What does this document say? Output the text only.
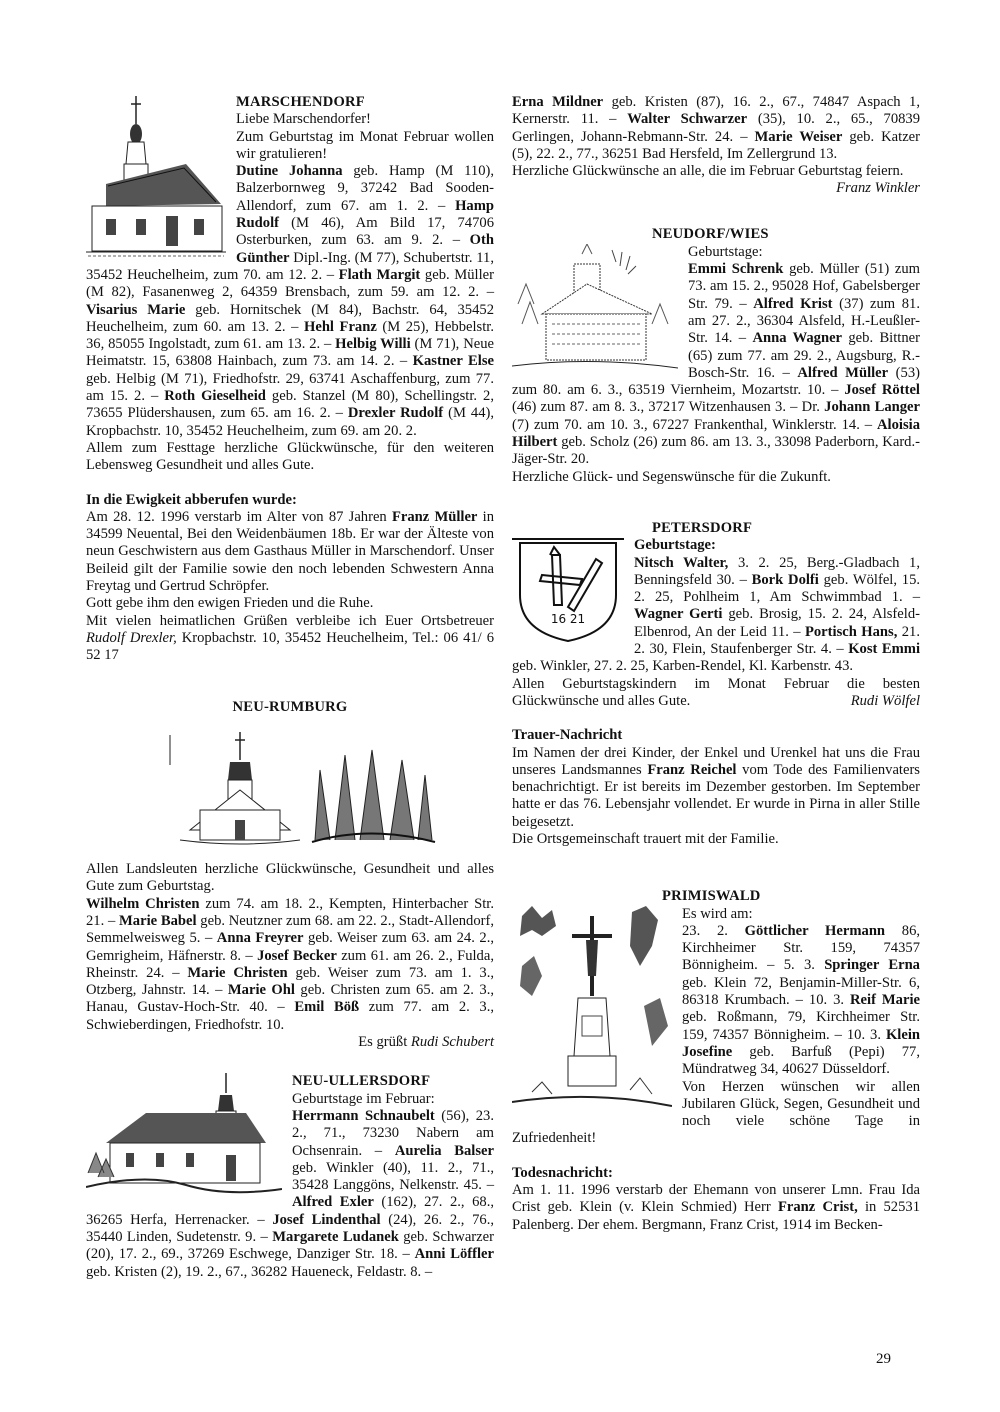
MARSCHENDORF

Liebe Marschendorfer!

Zum Geburtstag im Monat Februar wollen wir gratulieren!

Dutine Johanna geb. Hamp (M 110), Balzerbornweg 9, 37242 Bad Sooden-Allendorf, zum 67. am 1. 2. – Hamp Rudolf (M 46), Am Bild 17, 74706 Osterburken, zum 63. am 9. 2. – Oth Günther Dipl.-Ing. (M 77), Schubertstr. 11, 35452 Heuchelheim, zum 70. am 12. 2. – Flath Margit geb. Müller (M 82), Fasanenweg 2, 64359 Brensbach, zum 59. am 12. 2. – Visarius Marie geb. Hornitschek (M 84), Bachstr. 64, 35452 Heuchelheim, zum 60. am 13. 2. – Hehl Franz (M 25), Hebbelstr. 36, 85055 Ingolstadt, zum 61. am 13. 2. – Helbig Willi (M 71), Neue Heimatstr. 15, 63808 Hainbach, zum 73. am 14. 2. – Kastner Else geb. Helbig (M 71), Friedhofstr. 29, 63741 Aschaffenburg, zum 77. am 15. 2. – Roth Gieselheid geb. Stanzel (M 80), Schellingstr. 2, 73655 Plüdershausen, zum 65. am 16. 2. – Drexler Rudolf (M 44), Kropbachstr. 10, 35452 Heuchelheim, zum 69. am 20. 2.

Allem zum Festtage herzliche Glückwünsche, für den weiteren Lebensweg Gesundheit und alles Gute.

In die Ewigkeit abberufen wurde:

Am 28. 12. 1996 verstarb im Alter von 87 Jahren Franz Müller in 34599 Neuental, Bei den Weidenbäumen 18b. Er war der Älteste von neun Geschwistern aus dem Gasthaus Müller in Marschendorf. Unser Beileid gilt der Familie sowie den noch lebenden Schwestern Anna Freytag und Gertrud Schröpfer.

Gott gebe ihm den ewigen Frieden und die Ruhe.

Mit vielen heimatlichen Grüßen verbleibe ich Euer Ortsbetreuer Rudolf Drexler, Kropbachstr. 10, 35452 Heuchelheim, Tel.: 06 41/ 6 52 17

NEU-RUMBURG

Allen Landsleuten herzliche Glückwünsche, Gesundheit und alles Gute zum Geburtstag.

Wilhelm Christen zum 74. am 18. 2., Kempten, Hinterbacher Str. 21. – Marie Babel geb. Neutzner zum 68. am 22. 2., Stadt-Allendorf, Semmelweisweg 5. – Anna Freyrer geb. Weiser zum 63. am 24. 2., Gemrigheim, Häfnerstr. 8. – Josef Becker zum 61. am 26. 2., Fulda, Rheinstr. 24. – Marie Christen geb. Weiser zum 73. am 1. 3., Otzberg, Jahnstr. 14. – Marie Ohl geb. Christen zum 65. am 2. 3., Hanau, Gustav-Hoch-Str. 40. – Emil Böß zum 77. am 2. 3., Schwieberdingen, Friedhofstr. 10.

Es grüßt Rudi Schubert

NEU-ULLERSDORF

Geburtstage im Februar:

Herrmann Schnaubelt (56), 23. 2., 71., 73230 Nabern am Ochsenrain. – Aurelia Balser geb. Winkler (40), 11. 2., 71., 35428 Langgöns, Nelkenstr. 45. – Alfred Exler (162), 27. 2., 68., 36265 Herfa, Herrenacker. – Josef Lindenthal (24), 26. 2., 76., 35440 Linden, Sudetenstr. 9. – Margarete Ludanek geb. Schwarzer (20), 17. 2., 69., 37269 Eschwege, Danziger Str. 18. – Anni Löffler geb. Kristen (2), 19. 2., 67., 36282 Haueneck, Feldastr. 8. –

Erna Mildner geb. Kristen (87), 16. 2., 67., 74847 Aspach 1, Kernerstr. 11. – Walter Schwarzer (35), 10. 2., 65., 70839 Gerlingen, Johann-Rebmann-Str. 24. – Marie Weiser geb. Katzer (5), 22. 2., 77., 36251 Bad Hersfeld, Im Zellergrund 13.

Herzliche Glückwünsche an alle, die im Februar Geburtstag feiern.
Franz Winkler

NEUDORF/WIES

Geburtstage:

Emmi Schrenk geb. Müller (51) zum 73. am 15. 2., 95028 Hof, Gabelsberger Str. 79. – Alfred Krist (37) zum 81. am 27. 2., 36304 Alsfeld, H.-Leußler-Str. 14. – Anna Wagner geb. Bittner (65) zum 77. am 29. 2., Augsburg, R.-Bosch-Str. 16. – Alfred Müller (53) zum 80. am 6. 3., 63519 Viernheim, Mozartstr. 10. – Josef Röttel (46) zum 87. am 8. 3., 37217 Witzenhausen 3. – Dr. Johann Langer (7) zum 70. am 10. 3., 67227 Frankenthal, Winklerstr. 14. – Aloisia Hilbert geb. Scholz (26) zum 86. am 13. 3., 33098 Paderborn, Kard.-Jäger-Str. 20.

Herzliche Glück- und Segenswünsche für die Zukunft.

PETERSDORF
16 21

Geburtstage:

Nitsch Walter, 3. 2. 25, Berg.-Gladbach 1, Benningsfeld 30. – Bork Dolfi geb. Wölfel, 15. 2. 25, Pohlheim 1, Am Schwimmbad 1. – Wagner Gerti geb. Brosig, 15. 2. 24, Alsfeld-Elbenrod, An der Leid 11. – Portisch Hans, 21. 2. 30, Flein, Staufenberger Str. 4. – Kost Emmi geb. Winkler, 27. 2. 25, Karben-Rendel, Kl. Karbenstr. 43.

Allen Geburtstagskindern im Monat Februar die besten Glückwünsche und alles Gute.	Rudi Wölfel

Trauer-Nachricht

Im Namen der drei Kinder, der Enkel und Urenkel hat uns die Frau unseres Landsmannes Franz Reichel vom Tode des Familienvaters benachrichtigt. Er ist bereits im Dezember gestorben. Im September hatte er das 76. Lebensjahr vollendet. Er wurde in Pirna in aller Stille beigesetzt.

Die Ortsgemeinschaft trauert mit der Familie.

PRIMISWALD

Es wird am:

23. 2. Göttlicher Hermann 86, Kirchheimer Str. 159, 74357 Bönnigheim. – 5. 3. Springer Erna geb. Klein 72, Benjamin-Miller-Str. 6, 86318 Krumbach. – 10. 3. Reif Marie geb. Roßmann, 79, Kirchheimer Str. 159, 74357 Bönnigheim. – 10. 3. Klein Josefine geb. Barfuß (Pepi) 77, Mündratweg 34, 40627 Düsseldorf.

Von Herzen wünschen wir allen Jubilaren Glück, Segen, Gesundheit und noch viele schöne Tage in Zufriedenheit!

Todesnachricht:

Am 1. 11. 1996 verstarb der Ehemann von unserer Lmn. Frau Ida Crist geb. Klein (v. Klein Schmied) Herr Franz Crist, in 52531 Palenberg. Der ehem. Bergmann, Franz Crist, 1914 im Becken-

29
